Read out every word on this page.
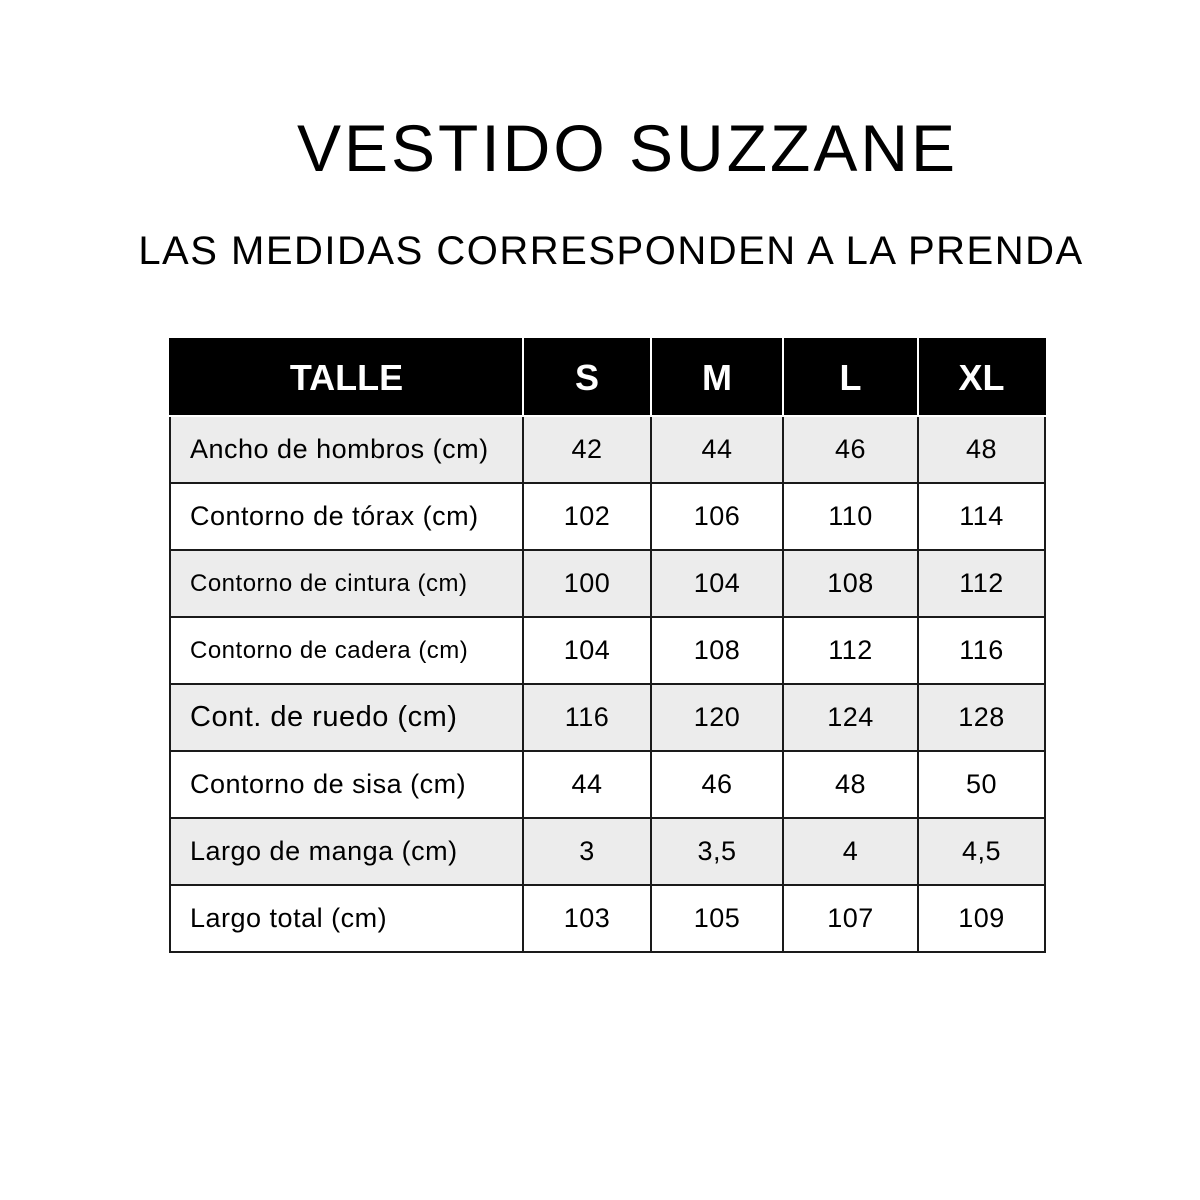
VESTIDO SUZZANE
LAS MEDIDAS CORRESPONDEN A LA PRENDA
TALLE	S	M	L	XL
Ancho de hombros (cm)	42	44	46	48
Contorno de tórax (cm)	102	106	110	114
Contorno de cintura (cm)	100	104	108	112
Contorno de cadera (cm)	104	108	112	116
Cont. de ruedo (cm)	116	120	124	128
Contorno de sisa (cm)	44	46	48	50
Largo de manga (cm)	3	3,5	4	4,5
Largo total (cm)	103	105	107	109
